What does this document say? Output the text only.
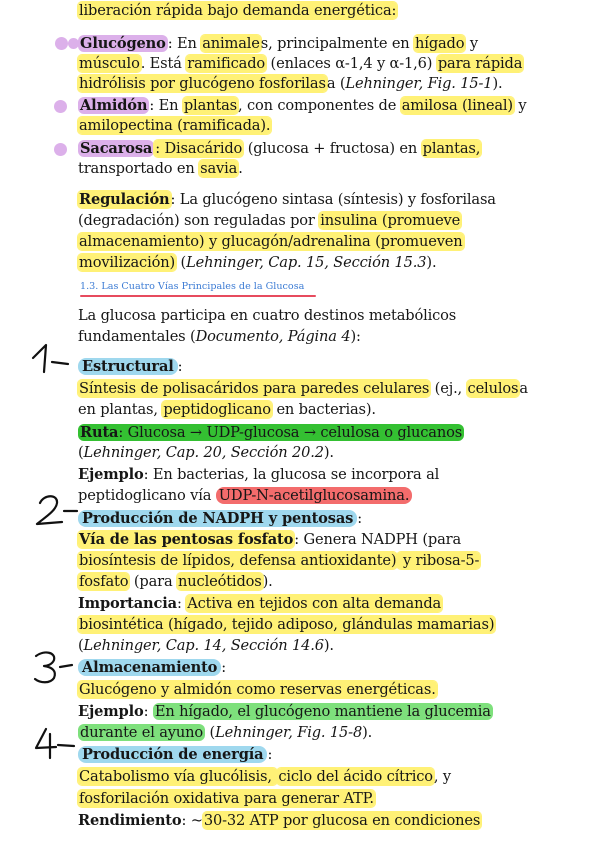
liberación rápida bajo demanda energética:
Glucógeno : En animales, principalmente en hígado y
músculo. Está ramificado (enlaces α-1,4 y α-1,6) para rápida
hidrólisis por glucógeno fosforilasa (Lehninger, Fig. 15-1).
Almidón : En plantas, con componentes de amilosa (lineal) y
amilopectina (ramificada).
Sacarosa : Disacárido (glucosa + fructosa) en plantas,
transportado en savia.
Regulación: La glucógeno sintasa (síntesis) y fosforilasa
(degradación) son reguladas por insulina (promueve
almacenamiento) y glucagón/adrenalina (promueven
movilización) (Lehninger, Cap. 15, Sección 15.3).
1.3. Las Cuatro Vías Principales de la Glucosa
La glucosa participa en cuatro destinos metabólicos
fundamentales (Documento, Página 4):
Estructural :
Síntesis de polisacáridos para paredes celulares (ej., celulosa
en plantas, peptidoglicano en bacterias).
Ruta: Glucosa → UDP-glucosa → celulosa o glucanos
(Lehninger, Cap. 20, Sección 20.2).
Ejemplo: En bacterias, la glucosa se incorpora al
peptidoglicano vía UDP-N-acetilglucosamina.
Producción de NADPH y pentosas :
Vía de las pentosas fosfato: Genera NADPH (para
biosíntesis de lípidos, defensa antioxidante) y ribosa-5-
fosfato (para nucleótidos).
Importancia: Activa en tejidos con alta demanda
biosintética (hígado, tejido adiposo, glándulas mamarias)
(Lehninger, Cap. 14, Sección 14.6).
Almacenamiento :
Glucógeno y almidón como reservas energéticas.
Ejemplo: En hígado, el glucógeno mantiene la glucemia
durante el ayuno (Lehninger, Fig. 15-8).
Producción de energía :
Catabolismo vía glucólisis, ciclo del ácido cítrico, y
fosforilación oxidativa para generar ATP.
Rendimiento: ~30-32 ATP por glucosa en condiciones
